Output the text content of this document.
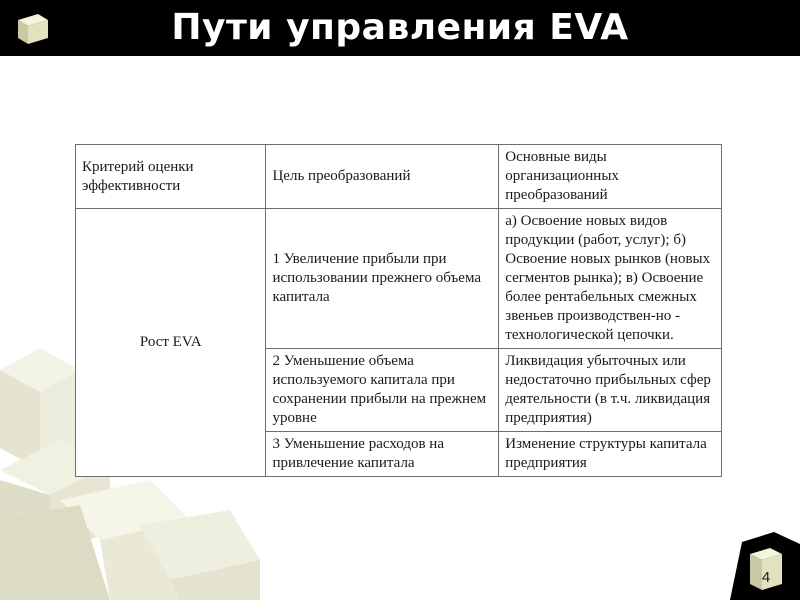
Пути управления EVA
4
Критерий оценки эффективности	Цель преобразований	Основные виды организационных преобразований
Рост EVA	1 Увеличение прибыли при использовании прежнего объема капитала	а) Освоение новых видов продукции (работ, услуг); б) Освоение новых рынков (новых сегментов рынка); в) Освоение более рентабельных смежных звеньев производствен-но - технологической цепочки.
	2 Уменьшение объема используемого капитала при сохранении прибыли на прежнем уровне	Ликвидация убыточных или недостаточно прибыльных сфер деятельности (в т.ч. ликвидация предприятия)
	3 Уменьшение расходов на привлечение капитала	Изменение структуры капитала предприятия
